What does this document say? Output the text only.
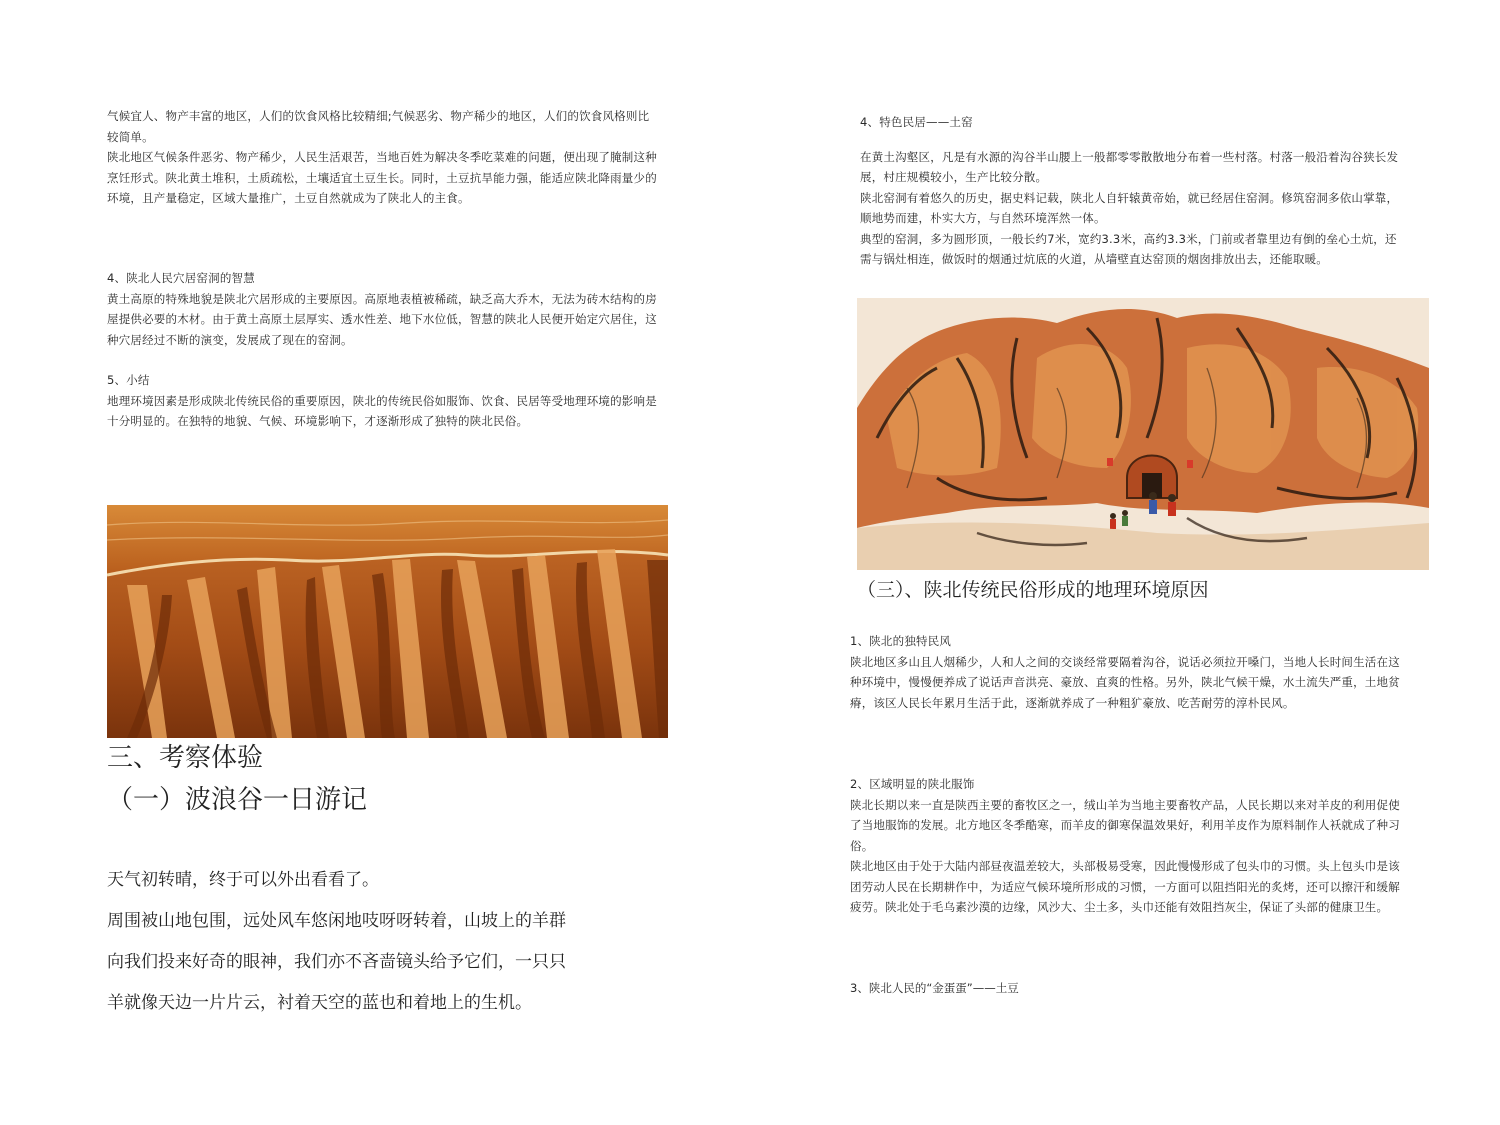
气候宜人、物产丰富的地区，人们的饮食风格比较精细;气候恶劣、物产稀少的地区，人们的饮食风格则比较简单。

陕北地区气候条件恶劣、物产稀少，人民生活艰苦，当地百姓为解决冬季吃菜难的问题，便出现了腌制这种烹饪形式。陕北黄土堆积，土质疏松，土壤适宜土豆生长。同时，土豆抗旱能力强，能适应陕北降雨量少的环境，且产量稳定，区域大量推广，土豆自然就成为了陕北人的主食。

4、陕北人民穴居窑洞的智慧

黄土高原的特殊地貌是陕北穴居形成的主要原因。高原地表植被稀疏，缺乏高大乔木，无法为砖木结构的房屋提供必要的木材。由于黄土高原土层厚实、透水性差、地下水位低，智慧的陕北人民便开始定穴居住，这种穴居经过不断的演变，发展成了现在的窑洞。

5、小结

地理环境因素是形成陕北传统民俗的重要原因，陕北的传统民俗如服饰、饮食、民居等受地理环境的影响是十分明显的。在独特的地貌、气候、环境影响下，才逐渐形成了独特的陕北民俗。

三、考察体验
（一）波浪谷一日游记

天气初转晴，终于可以外出看看了。

周围被山地包围，远处风车悠闲地吱呀呀转着，山坡上的羊群

向我们投来好奇的眼神，我们亦不吝啬镜头给予它们，一只只

羊就像天边一片片云，衬着天空的蓝也和着地上的生机。

4、特色民居——土窑

在黄土沟壑区，凡是有水源的沟谷半山腰上一般都零零散散地分布着一些村落。村落一般沿着沟谷狭长发展，村庄规模较小，生产比较分散。

陕北窑洞有着悠久的历史，据史料记载，陕北人自轩辕黄帝始，就已经居住窑洞。修筑窑洞多依山掌靠，顺地势而建，朴实大方，与自然环境浑然一体。

典型的窑洞，多为圆形顶，一般长约7米，宽约3.3米，高约3.3米，门前或者靠里边有倒的垒心土炕，还需与锅灶相连，做饭时的烟通过炕底的火道，从墙壁直达窑顶的烟囱排放出去，还能取暖。

（三）、陕北传统民俗形成的地理环境原因

1、陕北的独特民风

陕北地区多山且人烟稀少，人和人之间的交谈经常要隔着沟谷，说话必须拉开嗓门，当地人长时间生活在这种环境中，慢慢便养成了说话声音洪亮、豪放、直爽的性格。另外，陕北气候干燥，水土流失严重，土地贫瘠，该区人民长年累月生活于此，逐渐就养成了一种粗犷豪放、吃苦耐劳的淳朴民风。

2、区域明显的陕北服饰

陕北长期以来一直是陕西主要的畜牧区之一，绒山羊为当地主要畜牧产品，人民长期以来对羊皮的利用促使了当地服饰的发展。北方地区冬季酷寒，而羊皮的御寒保温效果好，利用羊皮作为原料制作人袄就成了种习俗。

陕北地区由于处于大陆内部昼夜温差较大，头部极易受寒，因此慢慢形成了包头巾的习惯。头上包头巾是该团劳动人民在长期耕作中，为适应气候环境所形成的习惯，一方面可以阻挡阳光的炙烤，还可以擦汗和缓解疲劳。陕北处于毛乌素沙漠的边缘，风沙大、尘土多，头巾还能有效阻挡灰尘，保证了头部的健康卫生。

3、陕北人民的“金蛋蛋”——土豆
